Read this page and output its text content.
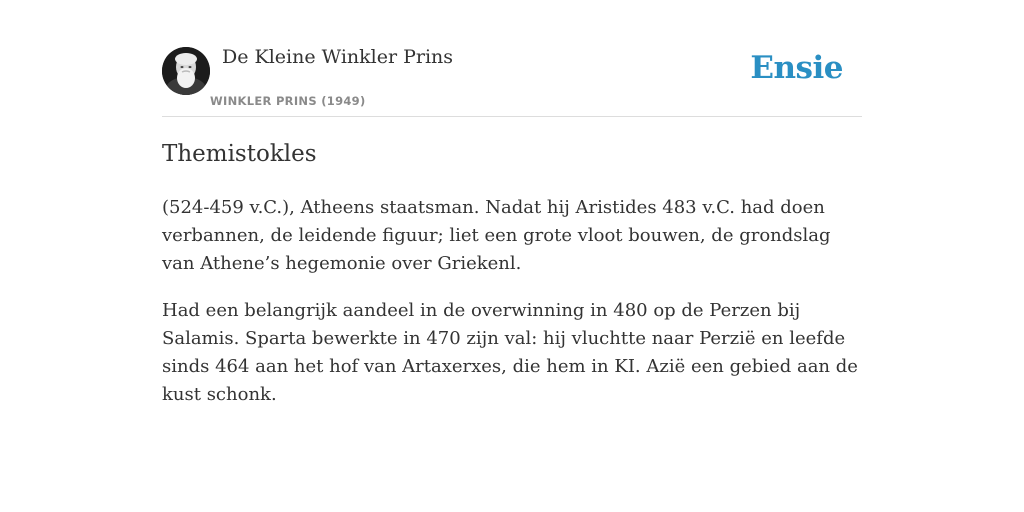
De Kleine Winkler Prins
WINKLER PRINS (1949)
Ensie
Themistokles

(524-459 v.C.), Atheens staatsman. Nadat hij Aristides 483 v.C. had doen verbannen, de leidende figuur; liet een grote vloot bouwen, de grondslag van Athene’s hegemonie over Griekenl.

Had een belangrijk aandeel in de overwinning in 480 op de Perzen bij Salamis. Sparta bewerkte in 470 zijn val: hij vluchtte naar Perzië en leefde sinds 464 aan het hof van Artaxerxes, die hem in KI. Azië een gebied aan de kust schonk.
